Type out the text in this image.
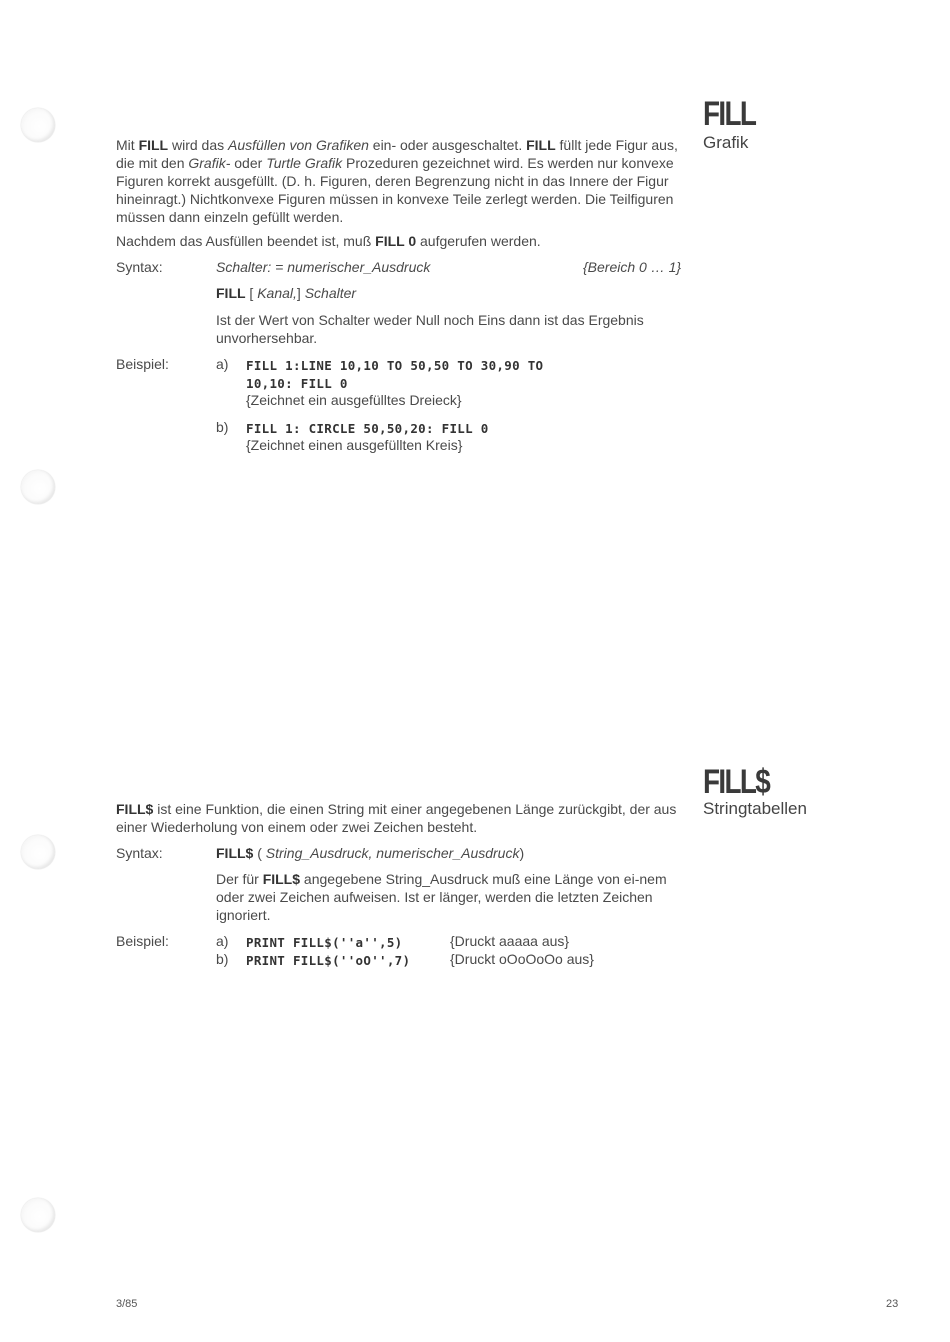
FILL
Grafik
Mit FILL wird das Ausfüllen von Grafiken ein- oder ausgeschaltet. FILL füllt jede Figur aus, die mit den Grafik- oder Turtle Grafik Prozeduren gezeichnet wird. Es werden nur konvexe Figuren korrekt ausgefüllt. (D. h. Figuren, deren Begrenzung nicht in das Innere der Figur hineinragt.) Nichtkonvexe Figuren müssen in konvexe Teile zerlegt werden. Die Teilfiguren müssen dann einzeln gefüllt werden.
Nachdem das Ausfüllen beendet ist, muß FILL 0 aufgerufen werden.
Syntax:	Schalter: = numerischer_Ausdruck	{Bereich 0 … 1}
FILL [ Kanal,] Schalter
Ist der Wert von Schalter weder Null noch Eins dann ist das Ergebnis unvorhersehbar.
Beispiel:	a) FILL 1:LINE 10,10 TO 50,50 TO 30,90 TO
10,10: FILL 0
{Zeichnet ein ausgefülltes Dreieck}
b) FILL 1: CIRCLE 50,50,20: FILL 0
{Zeichnet einen ausgefüllten Kreis}
FILL$
Stringtabellen
FILL$ ist eine Funktion, die einen String mit einer angegebenen Länge zurückgibt, der aus einer Wiederholung von einem oder zwei Zeichen besteht.
Syntax:	FILL$ ( String_Ausdruck, numerischer_Ausdruck)
Der für FILL$ angegebene String_Ausdruck muß eine Länge von ei-nem oder zwei Zeichen aufweisen. Ist er länger, werden die letzten Zeichen ignoriert.
Beispiel:	a) PRINT FILL$(''a'',5)	{Druckt aaaaa aus}
b) PRINT FILL$(''oO'',7)	{Druckt oOoOoOo aus}
3/85	23
